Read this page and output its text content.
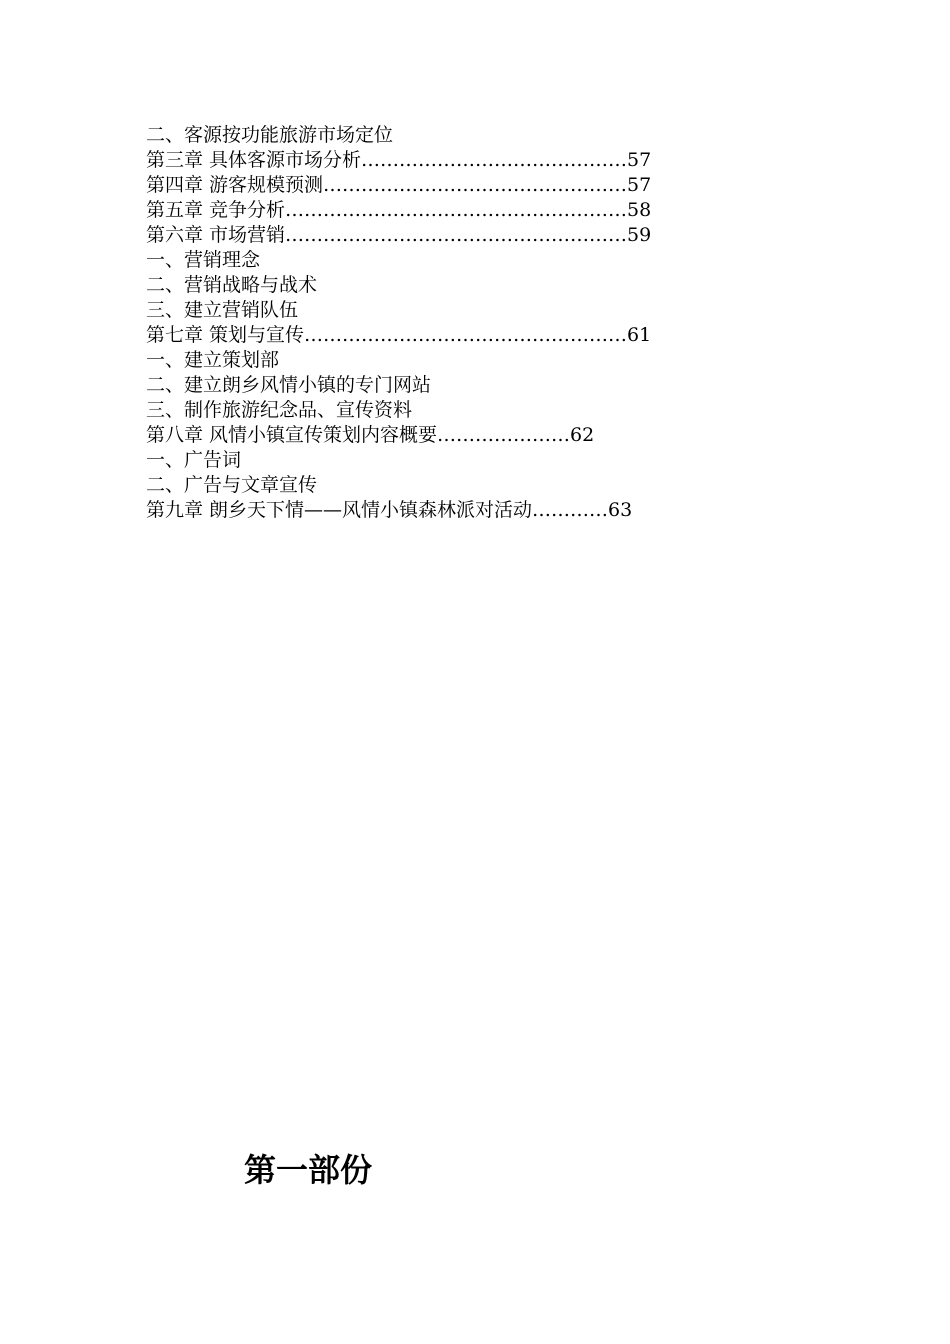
二、客源按功能旅游市场定位
第三章 具体客源市场分析……………………………………57
第四章 游客规模预测…………………………………………57
第五章 竞争分析………………………………………………58
第六章 市场营销………………………………………………59
一、营销理念
二、营销战略与战术
三、建立营销队伍
第七章 策划与宣传……………………………………………61
一、建立策划部
二、建立朗乡风情小镇的专门网站
三、制作旅游纪念品、宣传资料
第八章 风情小镇宣传策划内容概要…………………62
一、广告词
二、广告与文章宣传
第九章 朗乡天下情——风情小镇森林派对活动…………63
第一部份
